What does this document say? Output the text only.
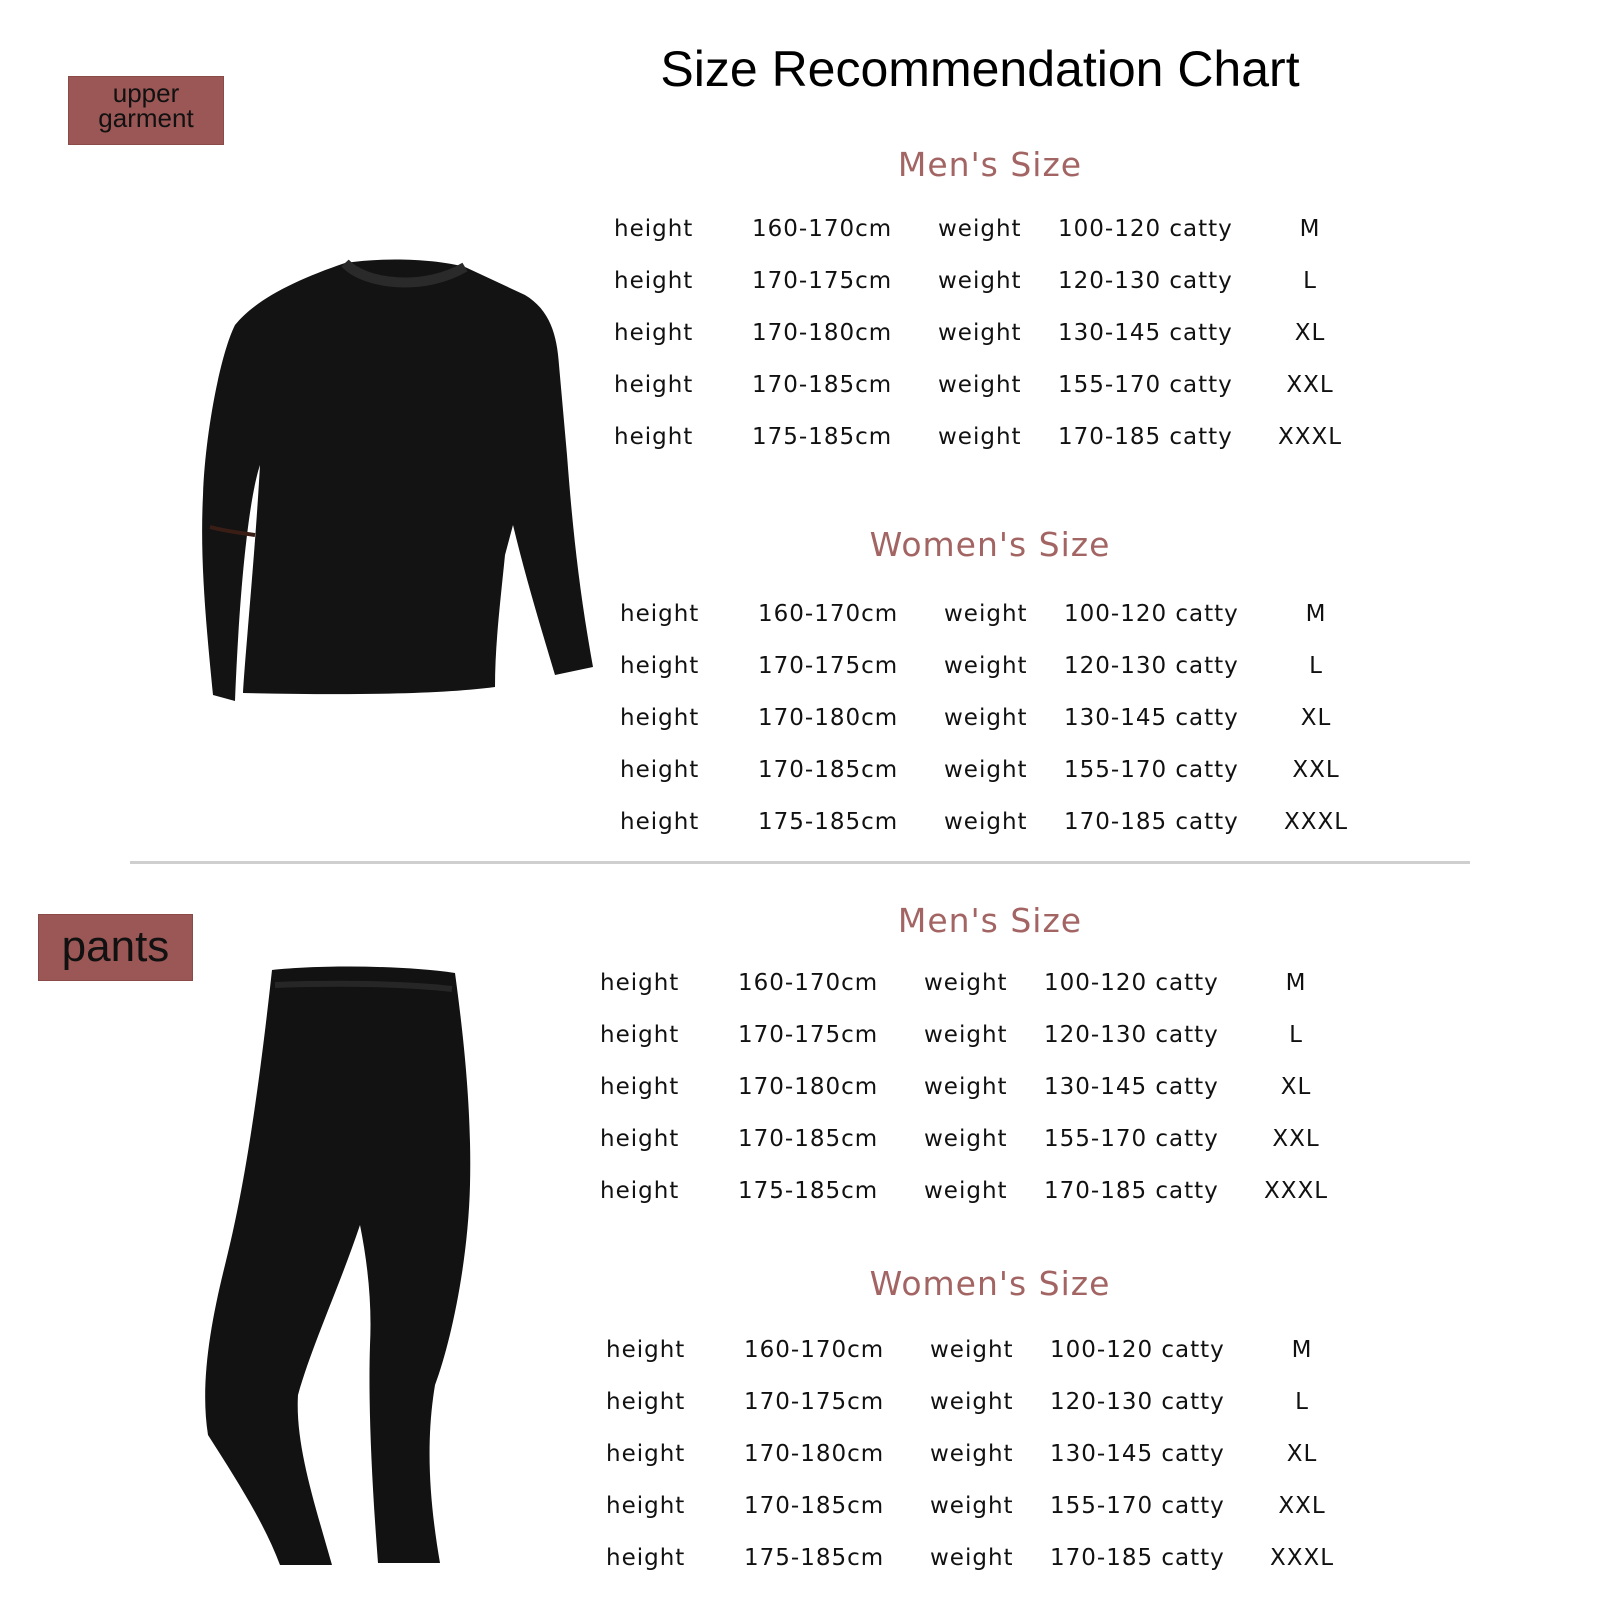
Size Recommendation Chart
upper garment
Men's Size
height	160-170cm weight 100-120 catty	M
height	170-175cm weight 120-130 catty	L
height	170-180cm weight 130-145 catty	XL
height	170-185cm weight 155-170 catty	XXL
height	175-185cm weight 170-185 catty	XXXL
Women's Size
height	160-170cm weight 100-120 catty	M
height	170-175cm weight 120-130 catty	L
height	170-180cm weight 130-145 catty	XL
height	170-185cm weight 155-170 catty	XXL
height	175-185cm weight 170-185 catty	XXXL
pants
Men's Size
height	160-170cm weight 100-120 catty	M
height	170-175cm weight 120-130 catty	L
height	170-180cm weight 130-145 catty	XL
height	170-185cm weight 155-170 catty	XXL
height	175-185cm weight 170-185 catty	XXXL
Women's Size
height	160-170cm weight 100-120 catty	M
height	170-175cm weight 120-130 catty	L
height	170-180cm weight 130-145 catty	XL
height	170-185cm weight 155-170 catty	XXL
height	175-185cm weight 170-185 catty	XXXL
